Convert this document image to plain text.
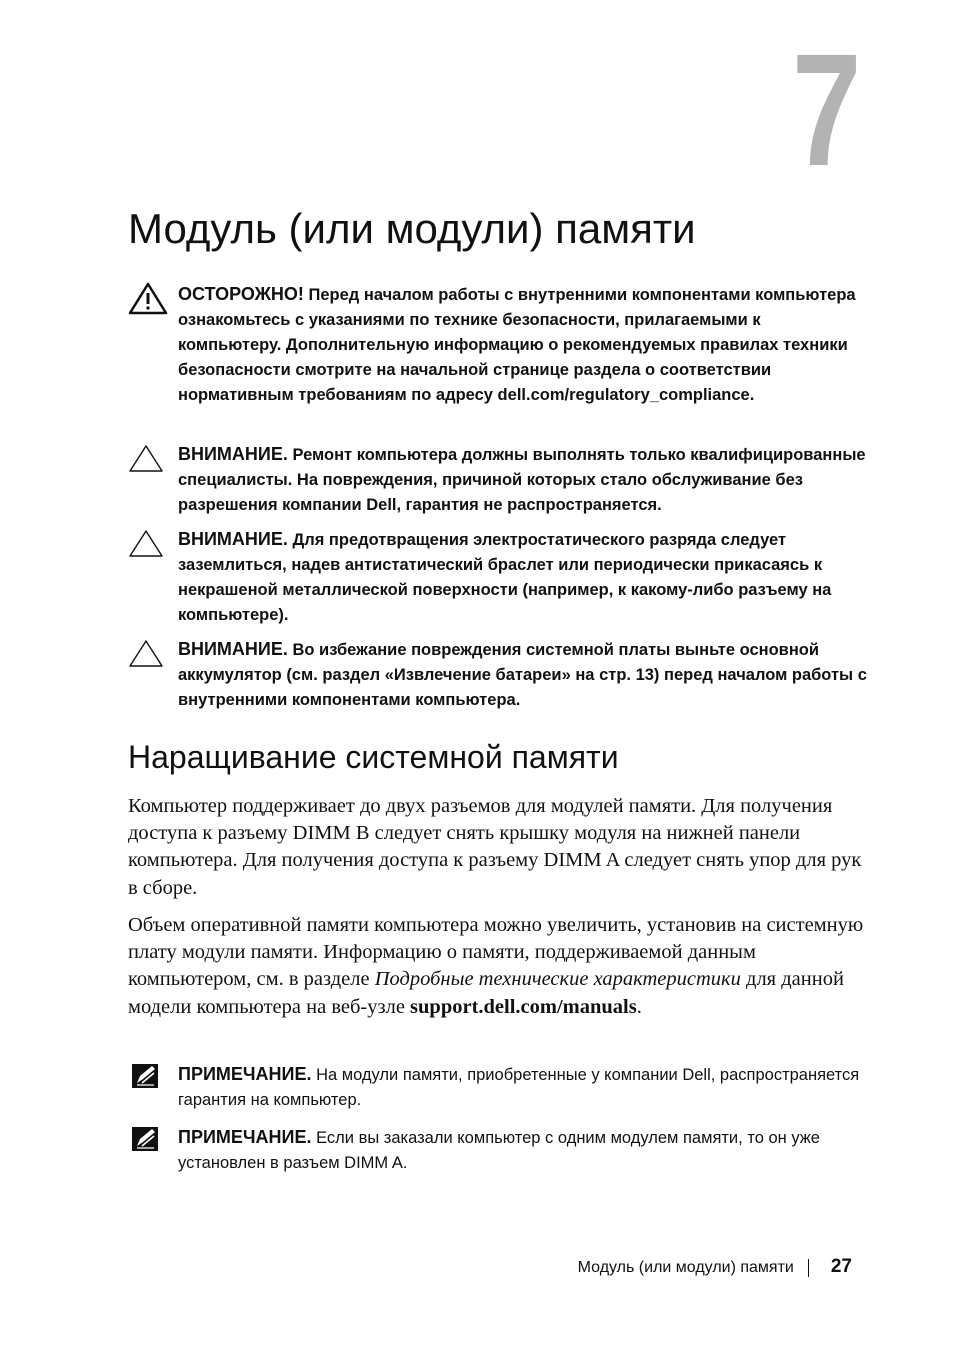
7
Модуль (или модули) памяти
ОСТОРОЖНО! Перед началом работы с внутренними компонентами компьютера ознакомьтесь с указаниями по технике безопасности, прилагаемыми к компьютеру. Дополнительную информацию о рекомендуемых правилах техники безопасности смотрите на начальной странице раздела о соответствии нормативным требованиям по адресу dell.com/regulatory_compliance.
ВНИМАНИЕ. Ремонт компьютера должны выполнять только квалифицированные специалисты. На повреждения, причиной которых стало обслуживание без разрешения компании Dell, гарантия не распространяется.
ВНИМАНИЕ. Для предотвращения электростатического разряда следует заземлиться, надев антистатический браслет или периодически прикасаясь к некрашеной металлической поверхности (например, к какому-либо разъему на компьютере).
ВНИМАНИЕ. Во избежание повреждения системной платы выньте основной аккумулятор (см. раздел «Извлечение батареи» на стр. 13) перед началом работы с внутренними компонентами компьютера.
Наращивание системной памяти

Компьютер поддерживает до двух разъемов для модулей памяти. Для получения доступа к разъему DIMM B следует снять крышку модуля на нижней панели компьютера. Для получения доступа к разъему DIMM A следует снять упор для рук в сборе.

Объем оперативной памяти компьютера можно увеличить, установив на системную плату модули памяти. Информацию о памяти, поддерживаемой данным компьютером, см. в разделе Подробные технические характеристики для данной модели компьютера на веб-узле support.dell.com/manuals.

ПРИМЕЧАНИЕ. На модули памяти, приобретенные у компании Dell, распространяется гарантия на компьютер.
ПРИМЕЧАНИЕ. Если вы заказали компьютер с одним модулем памяти, то он уже установлен в разъем DIMM A.
Модуль (или модули) памяти 27
